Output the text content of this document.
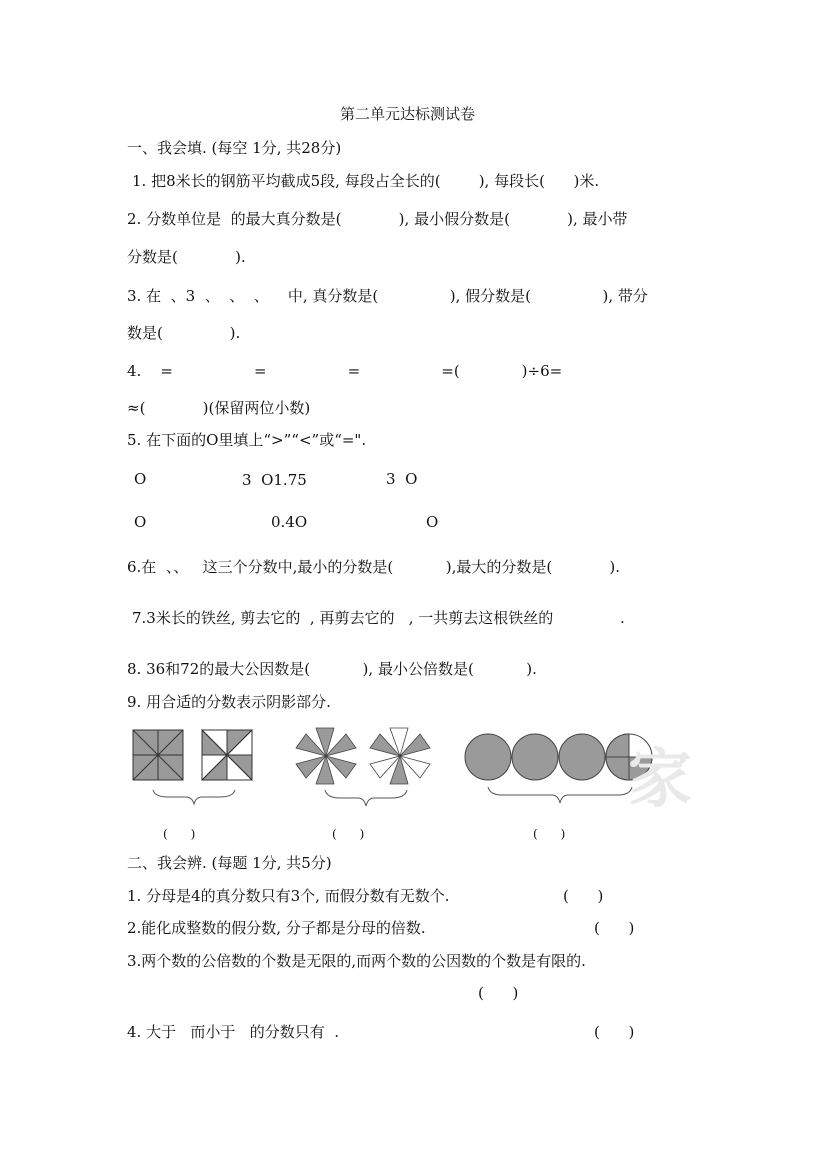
第二单元达标测试卷
一、我会填. (每空 1分, 共28分)
1. 把8米长的钢筋平均截成5段, 每段占全长的(        ), 每段长(      )米.
2. 分数单位是  的最大真分数是(            ), 最小假分数是(            ), 最小带
分数是(            ).
3. 在  、3  、  、  、    中, 真分数是(               ), 假分数是(               ), 带分
数是(              ).
4.    =                 =                 =                 =(             )÷6=
≈(            )(保留两位小数)
5. 在下面的O里填上“>”“<”或“=".
O	3  O1.75	3  O
O	0.4O	O
6.在  、、   这三个分数中,最小的分数是(           ),最大的分数是(            ).
7.3米长的铁丝, 剪去它的  , 再剪去它的   , 一共剪去这根铁丝的              .
8. 36和72的最大公因数是(           ), 最小公倍数是(           ).
9. 用合适的分数表示阴影部分.
(      )	(      )	(      )
家
二、我会辨. (每题 1分, 共5分)
1. 分母是4的真分数只有3个, 而假分数有无数个.	(      )
2.能化成整数的假分数, 分子都是分母的倍数.	(      )
3.两个数的公倍数的个数是无限的,而两个数的公因数的个数是有限的.
(      )
4. 大于   而小于   的分数只有  .	(      )
